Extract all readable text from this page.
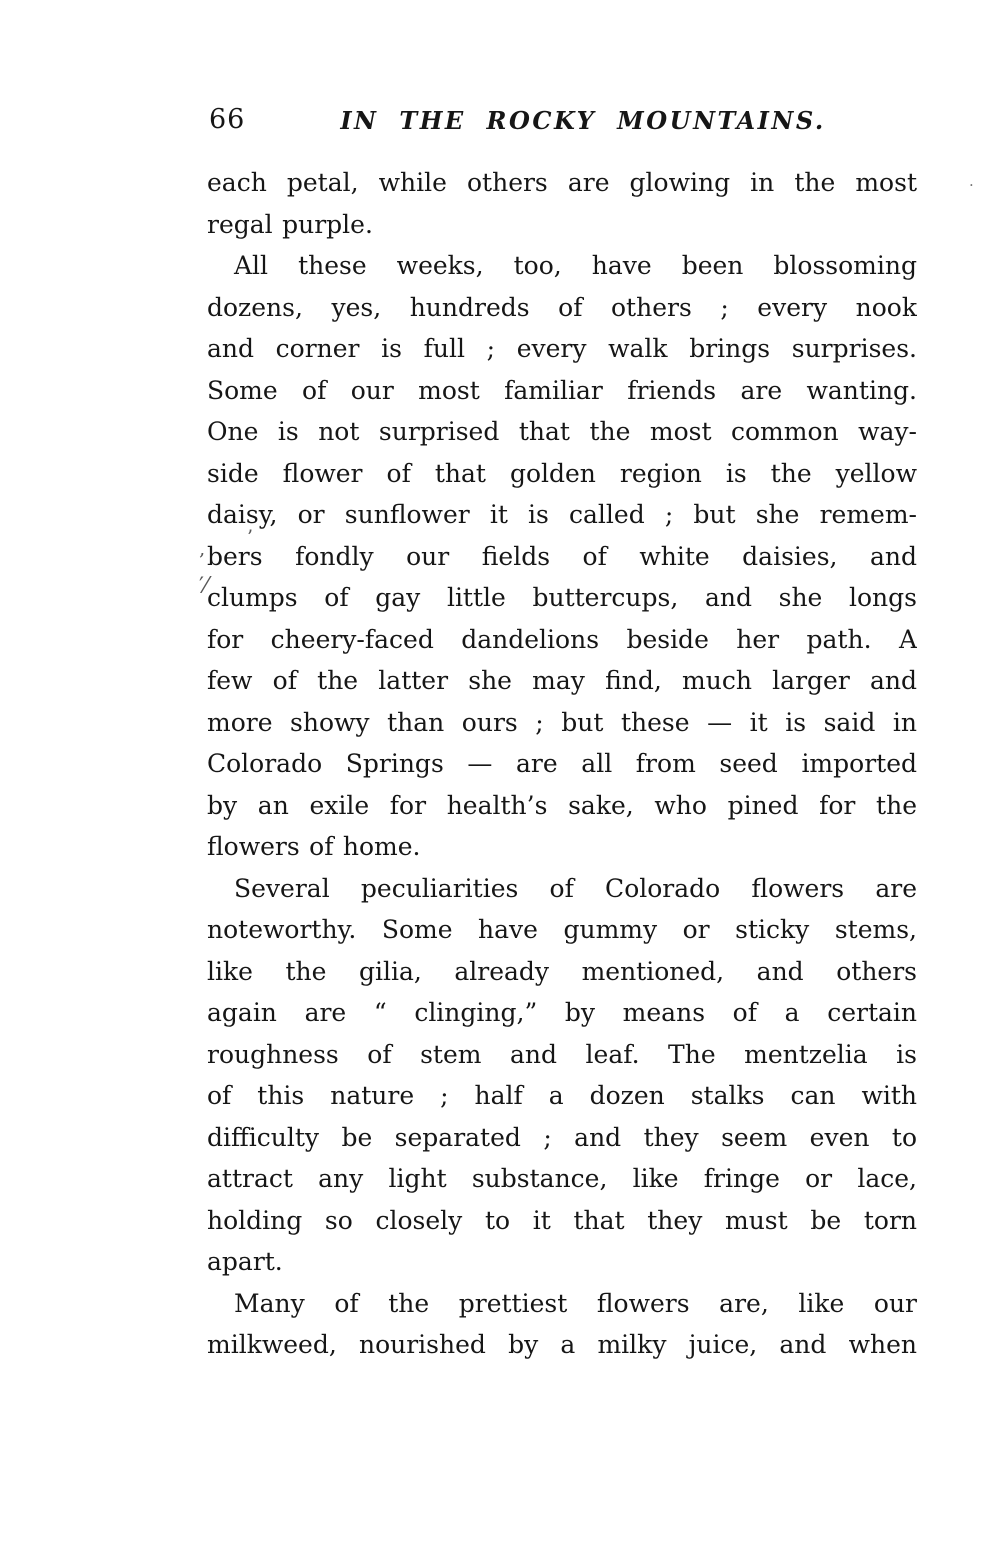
66	IN THE ROCKY MOUNTAINS.
each petal, while others are glowing in the most
regal purple.
All these weeks, too, have been blossoming
dozens, yes, hundreds of others ; every nook
and corner is full ; every walk brings surprises.
Some of our most familiar friends are wanting.
One is not surprised that the most common way-
side flower of that golden region is the yellow
daisy, or sunflower it is called ; but she remem-
bers fondly our fields of white daisies, and
clumps of gay little buttercups, and she longs
for cheery-faced dandelions beside her path. A
few of the latter she may find, much larger and
more showy than ours ; but these — it is said in
Colorado Springs — are all from seed imported
by an exile for health’s sake, who pined for the
flowers of home.
Several peculiarities of Colorado flowers are
noteworthy. Some have gummy or sticky stems,
like the gilia, already mentioned, and others
again are “ clinging,” by means of a certain
roughness of stem and leaf. The mentzelia is
of this nature ; half a dozen stalks can with
difficulty be separated ; and they seem even to
attract any light substance, like fringe or lace,
holding so closely to it that they must be torn
apart.
Many of the prettiest flowers are, like our
milkweed, nourished by a milky juice, and when
·
‚
’
′⁄
